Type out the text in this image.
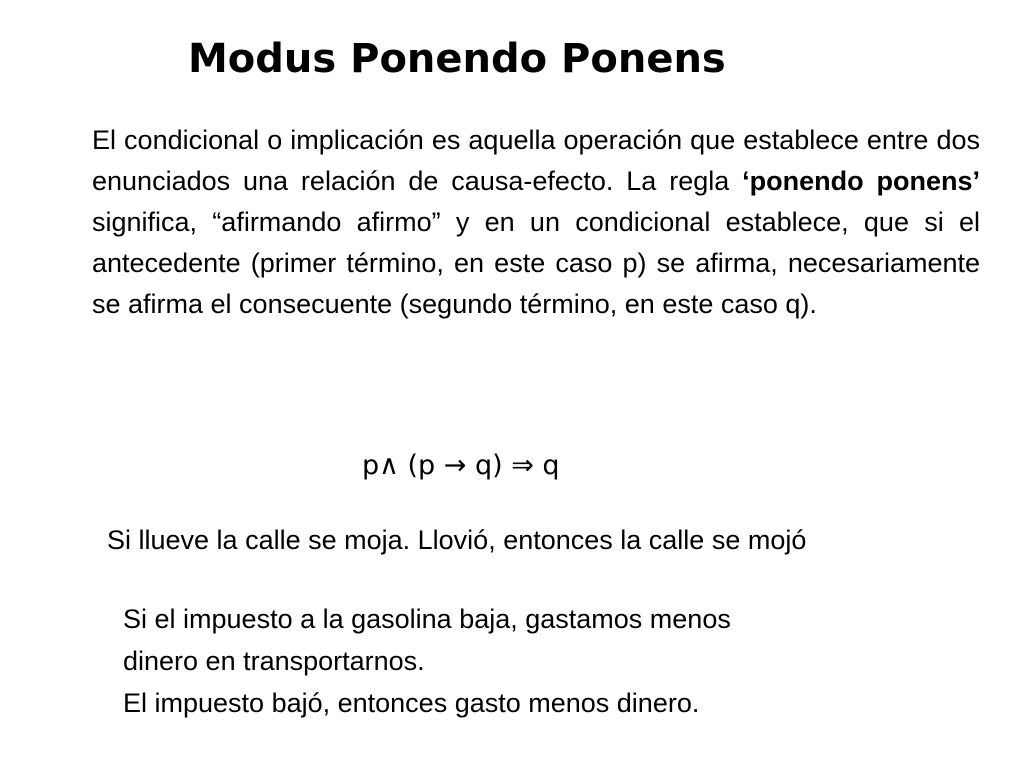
Modus Ponendo Ponens

El condicional o implicación es aquella operación que establece entre dos enunciados una relación de causa-efecto. La regla ‘ponendo ponens’ significa, “afirmando afirmo” y en un condicional establece, que si el antecedente (primer término, en este caso p) se afirma, necesariamente se afirma el consecuente (segundo término, en este caso q).

p∧ (p → q) ⇒ q
Si llueve la calle se moja. Llovió, entonces la calle se mojó
Si el impuesto a la gasolina baja, gastamos menos
dinero en transportarnos.
El impuesto bajó, entonces gasto menos dinero.
